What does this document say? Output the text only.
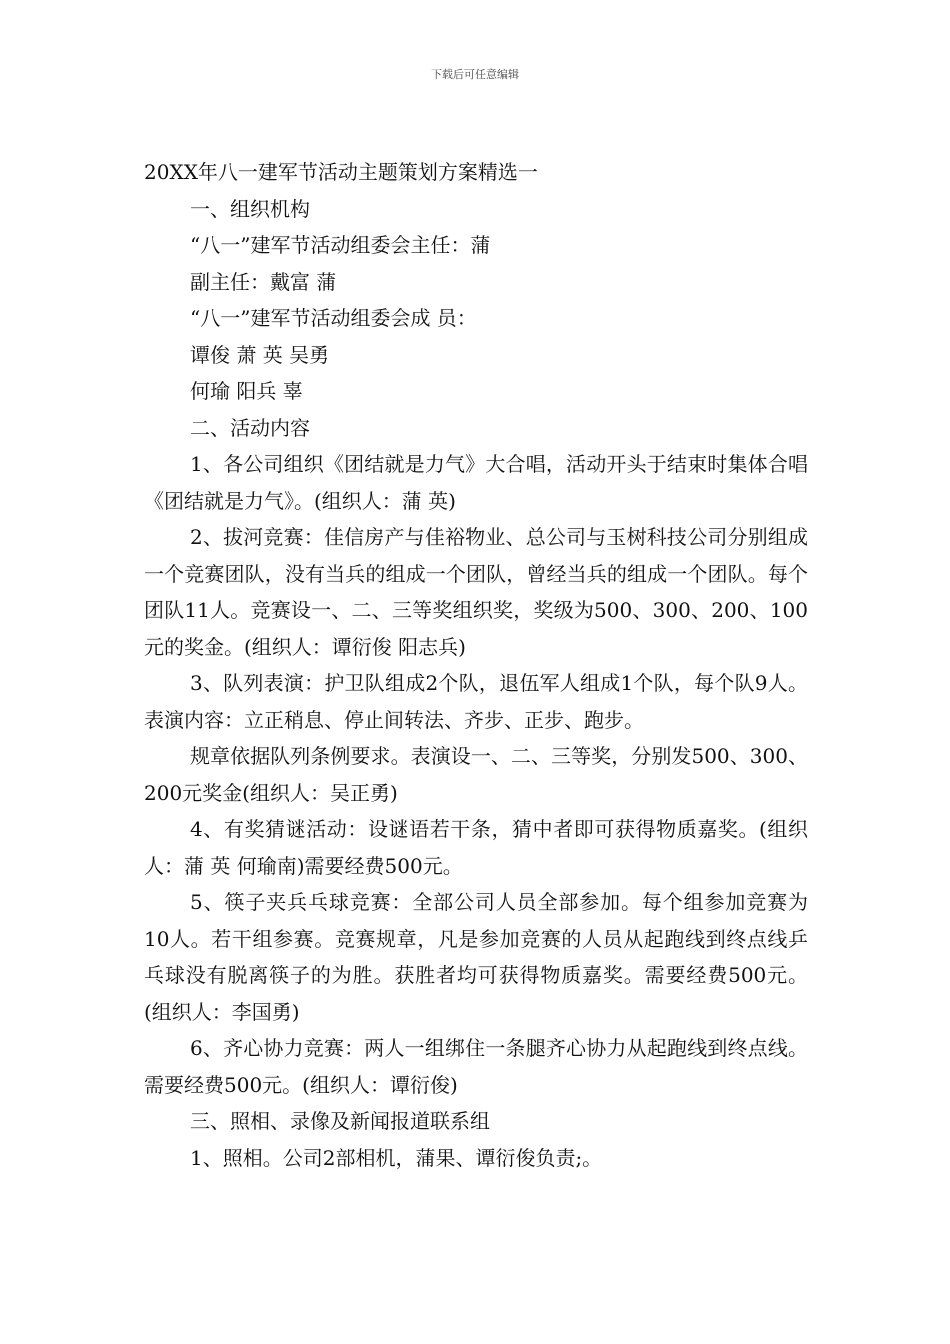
下载后可任意编辑
20XX年八一建军节活动主题策划方案精选一
一、组织机构
“八一”建军节活动组委会主任：蒲
副主任：戴富 蒲
“八一”建军节活动组委会成 员：
谭俊 萧 英 吴勇
何瑜 阳兵 辜
二、活动内容
1、各公司组织《团结就是力气》大合唱，活动开头于结束时集体合唱《团结就是力气》。(组织人：蒲 英)
2、拔河竞赛：佳信房产与佳裕物业、总公司与玉树科技公司分别组成一个竞赛团队，没有当兵的组成一个团队，曾经当兵的组成一个团队。每个团队11人。竞赛设一、二、三等奖组织奖，奖级为500、300、200、100元的奖金。(组织人：谭衍俊 阳志兵)
3、队列表演：护卫队组成2个队，退伍军人组成1个队，每个队9人。表演内容：立正稍息、停止间转法、齐步、正步、跑步。
规章依据队列条例要求。表演设一、二、三等奖，分别发500、300、200元奖金(组织人：吴正勇)
4、有奖猜谜活动：设谜语若干条，猜中者即可获得物质嘉奖。(组织人：蒲 英 何瑜南)需要经费500元。
5、筷子夹兵乓球竞赛：全部公司人员全部参加。每个组参加竞赛为10人。若干组参赛。竞赛规章，凡是参加竞赛的人员从起跑线到终点线乒乓球没有脱离筷子的为胜。获胜者均可获得物质嘉奖。需要经费500元。(组织人：李国勇)
6、齐心协力竞赛：两人一组绑住一条腿齐心协力从起跑线到终点线。需要经费500元。(组织人：谭衍俊)
三、照相、录像及新闻报道联系组
1、照相。公司2部相机，蒲果、谭衍俊负责;。
